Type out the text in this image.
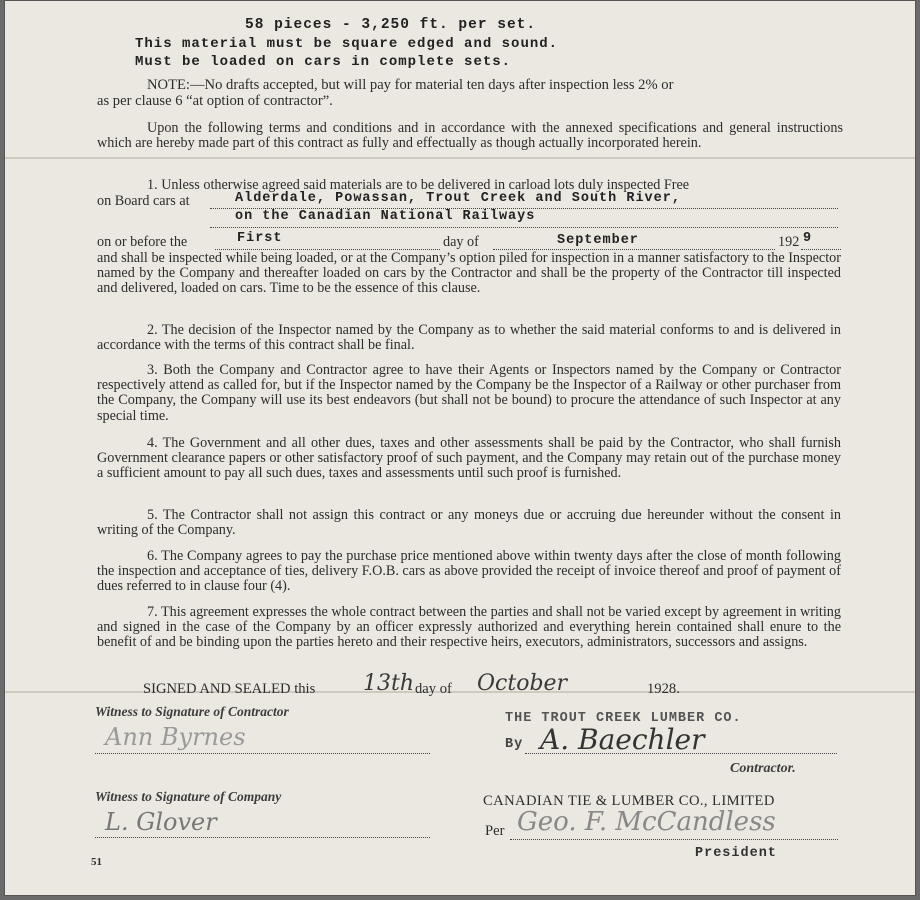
58 pieces - 3,250 ft. per set.
This material must be square edged and sound.
Must be loaded on cars in complete sets.
NOTE:—No drafts accepted, but will pay for material ten days after inspection less 2% or
as per clause 6 “at option of contractor”.
Upon the following terms and conditions and in accordance with the annexed specifications and general instructions which are hereby made part of this contract as fully and effectually as though actually incorporated herein.
1. Unless otherwise agreed said materials are to be delivered in carload lots duly inspected Free
on Board cars at	Alderdale, Powassan, Trout Creek and South River,
on the Canadian National Railways
on or before the	First	day of	September	192 9
and shall be inspected while being loaded, or at the Company’s option piled for inspection in a manner satisfactory to the Inspector named by the Company and thereafter loaded on cars by the Contractor and shall be the property of the Contractor till inspected and delivered, loaded on cars. Time to be the essence of this clause.
2. The decision of the Inspector named by the Company as to whether the said material conforms to and is delivered in accordance with the terms of this contract shall be final.
3. Both the Company and Contractor agree to have their Agents or Inspectors named by the Company or Contractor respectively attend as called for, but if the Inspector named by the Company be the Inspector of a Railway or other purchaser from the Company, the Company will use its best endeavors (but shall not be bound) to procure the attendance of such Inspector at any special time.
4. The Government and all other dues, taxes and other assessments shall be paid by the Contractor, who shall furnish Government clearance papers or other satisfactory proof of such payment, and the Company may retain out of the purchase money a sufficient amount to pay all such dues, taxes and assessments until such proof is furnished.
5. The Contractor shall not assign this contract or any moneys due or accruing due hereunder without the consent in writing of the Company.
6. The Company agrees to pay the purchase price mentioned above within twenty days after the close of month following the inspection and acceptance of ties, delivery F.O.B. cars as above provided the receipt of invoice thereof and proof of payment of dues referred to in clause four (4).
7. This agreement expresses the whole contract between the parties and shall not be varied except by agreement in writing and signed in the case of the Company by an officer expressly authorized and everything herein contained shall enure to the benefit of and be binding upon the parties hereto and their respective heirs, executors, administrators, successors and assigns.
SIGNED AND SEALED this 13th day of October	1928.
Witness to Signature of Contractor
Ann Byrnes
THE TROUT CREEK LUMBER CO.
By A. Baechler
Contractor.
Witness to Signature of Company
L. Glover
CANADIAN TIE & LUMBER CO., LIMITED
Per Geo. F. McCandless
President
51
